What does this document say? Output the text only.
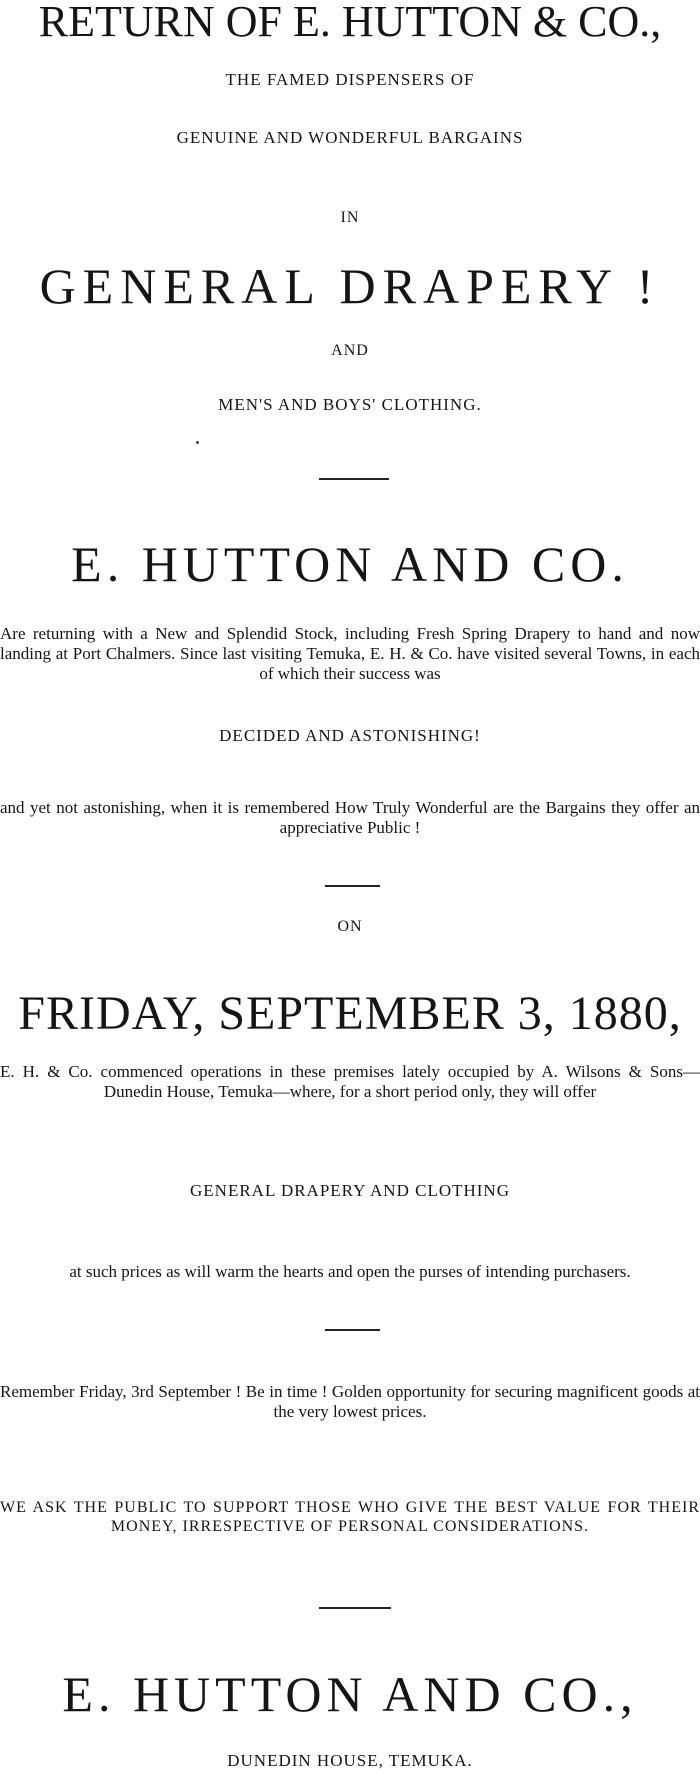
RETURN OF E. HUTTON & CO.,
THE FAMED DISPENSERS OF
GENUINE AND WONDERFUL BARGAINS
IN
GENERAL DRAPERY !
AND
MEN'S AND BOYS' CLOTHING.
E. HUTTON AND CO.
Are returning with a New and Splendid Stock, including Fresh Spring Drapery to hand and now landing at Port Chalmers. Since last visiting Temuka, E. H. & Co. have visited several Towns, in each of which their success was
DECIDED AND ASTONISHING!
and yet not astonishing, when it is remembered How Truly Wonderful are the Bargains they offer an appreciative Public !
ON
FRIDAY, SEPTEMBER 3, 1880,
E. H. & Co. commenced operations in these premises lately occupied by A. Wilsons & Sons—Dunedin House, Temuka—where, for a short period only, they will offer
GENERAL DRAPERY AND CLOTHING
at such prices as will warm the hearts and open the purses of intending purchasers.
Remember Friday, 3rd September ! Be in time ! Golden opportunity for securing magnificent goods at the very lowest prices.
WE ASK THE PUBLIC TO SUPPORT THOSE WHO GIVE THE BEST VALUE FOR THEIR MONEY, IRRESPECTIVE OF PERSONAL CONSIDERATIONS.
E. HUTTON AND CO.,
DUNEDIN HOUSE, TEMUKA.
